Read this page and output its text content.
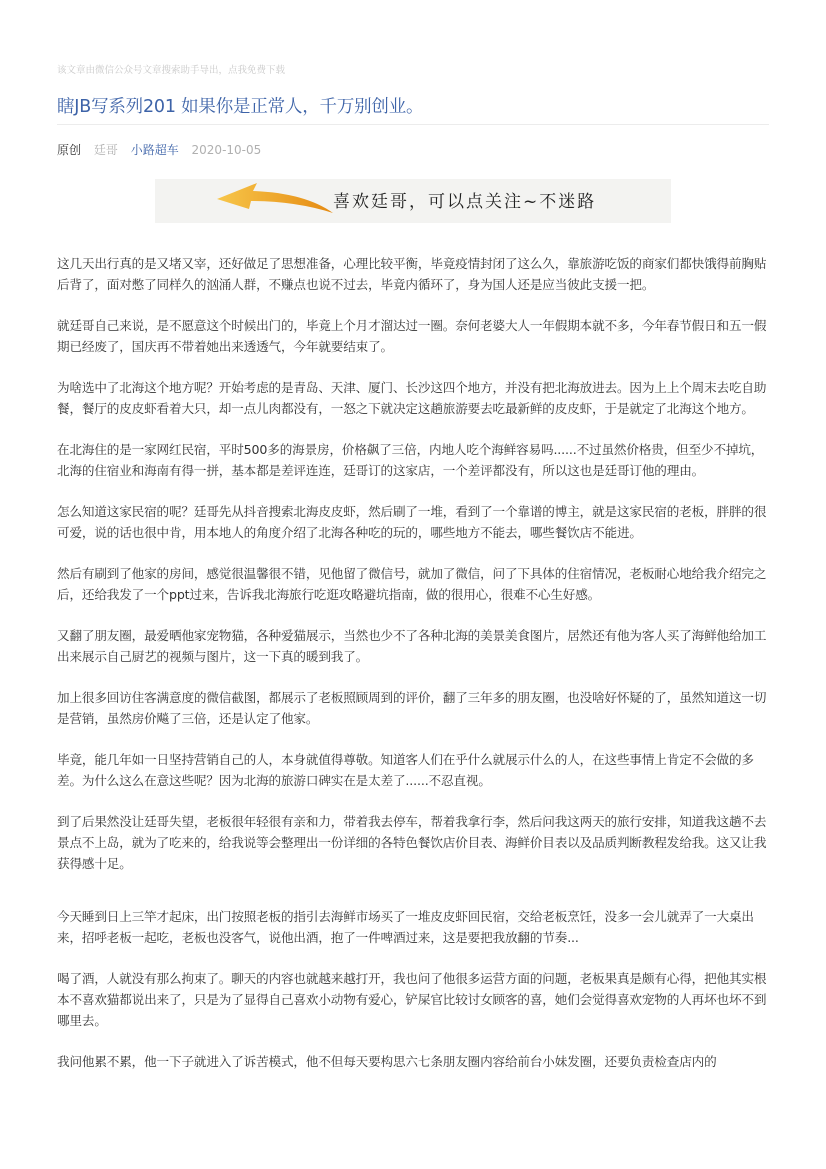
该文章由微信公众号文章搜索助手导出，点我免费下载
瞎JB写系列201 如果你是正常人，千万别创业。
原创 廷哥 小路超车 2020-10-05
喜欢廷哥，可以点关注~不迷路

这几天出行真的是又堵又宰，还好做足了思想准备，心理比较平衡，毕竟疫情封闭了这么久，靠旅游吃饭的商家们都快饿得前胸贴后背了，面对憋了同样久的汹涌人群，不赚点也说不过去，毕竟内循环了，身为国人还是应当彼此支援一把。

就廷哥自己来说，是不愿意这个时候出门的，毕竟上个月才溜达过一圈。奈何老婆大人一年假期本就不多，今年春节假日和五一假期已经废了，国庆再不带着她出来透透气，今年就要结束了。

为啥选中了北海这个地方呢？开始考虑的是青岛、天津、厦门、长沙这四个地方，并没有把北海放进去。因为上上个周末去吃自助餐，餐厅的皮皮虾看着大只，却一点儿肉都没有，一怒之下就决定这趟旅游要去吃最新鲜的皮皮虾，于是就定了北海这个地方。

在北海住的是一家网红民宿，平时500多的海景房，价格飙了三倍，内地人吃个海鲜容易吗......不过虽然价格贵，但至少不掉坑，北海的住宿业和海南有得一拼，基本都是差评连连，廷哥订的这家店，一个差评都没有，所以这也是廷哥订他的理由。

怎么知道这家民宿的呢？廷哥先从抖音搜索北海皮皮虾，然后刷了一堆，看到了一个靠谱的博主，就是这家民宿的老板，胖胖的很可爱，说的话也很中肯，用本地人的角度介绍了北海各种吃的玩的，哪些地方不能去，哪些餐饮店不能进。

然后有刷到了他家的房间，感觉很温馨很不错，见他留了微信号，就加了微信，问了下具体的住宿情况，老板耐心地给我介绍完之后，还给我发了一个ppt过来，告诉我北海旅行吃逛攻略避坑指南，做的很用心，很难不心生好感。

又翻了朋友圈，最爱晒他家宠物猫，各种爱猫展示，当然也少不了各种北海的美景美食图片，居然还有他为客人买了海鲜他给加工出来展示自己厨艺的视频与图片，这一下真的暖到我了。

加上很多回访住客满意度的微信截图，都展示了老板照顾周到的评价，翻了三年多的朋友圈，也没啥好怀疑的了，虽然知道这一切是营销，虽然房价飚了三倍，还是认定了他家。

毕竟，能几年如一日坚持营销自己的人，本身就值得尊敬。知道客人们在乎什么就展示什么的人，在这些事情上肯定不会做的多差。为什么这么在意这些呢？因为北海的旅游口碑实在是太差了......不忍直视。

到了后果然没让廷哥失望，老板很年轻很有亲和力，带着我去停车，帮着我拿行李，然后问我这两天的旅行安排，知道我这趟不去景点不上岛，就为了吃来的，给我说等会整理出一份详细的各特色餐饮店价目表、海鲜价目表以及品质判断教程发给我。这又让我获得感十足。

今天睡到日上三竿才起床，出门按照老板的指引去海鲜市场买了一堆皮皮虾回民宿，交给老板烹饪，没多一会儿就弄了一大桌出来，招呼老板一起吃，老板也没客气，说他出酒，抱了一件啤酒过来，这是要把我放翻的节奏...

喝了酒，人就没有那么拘束了。聊天的内容也就越来越打开，我也问了他很多运营方面的问题，老板果真是颇有心得，把他其实根本不喜欢猫都说出来了，只是为了显得自己喜欢小动物有爱心，铲屎官比较讨女顾客的喜，她们会觉得喜欢宠物的人再坏也坏不到哪里去。

我问他累不累，他一下子就进入了诉苦模式，他不但每天要构思六七条朋友圈内容给前台小妹发圈，还要负责检查店内的
